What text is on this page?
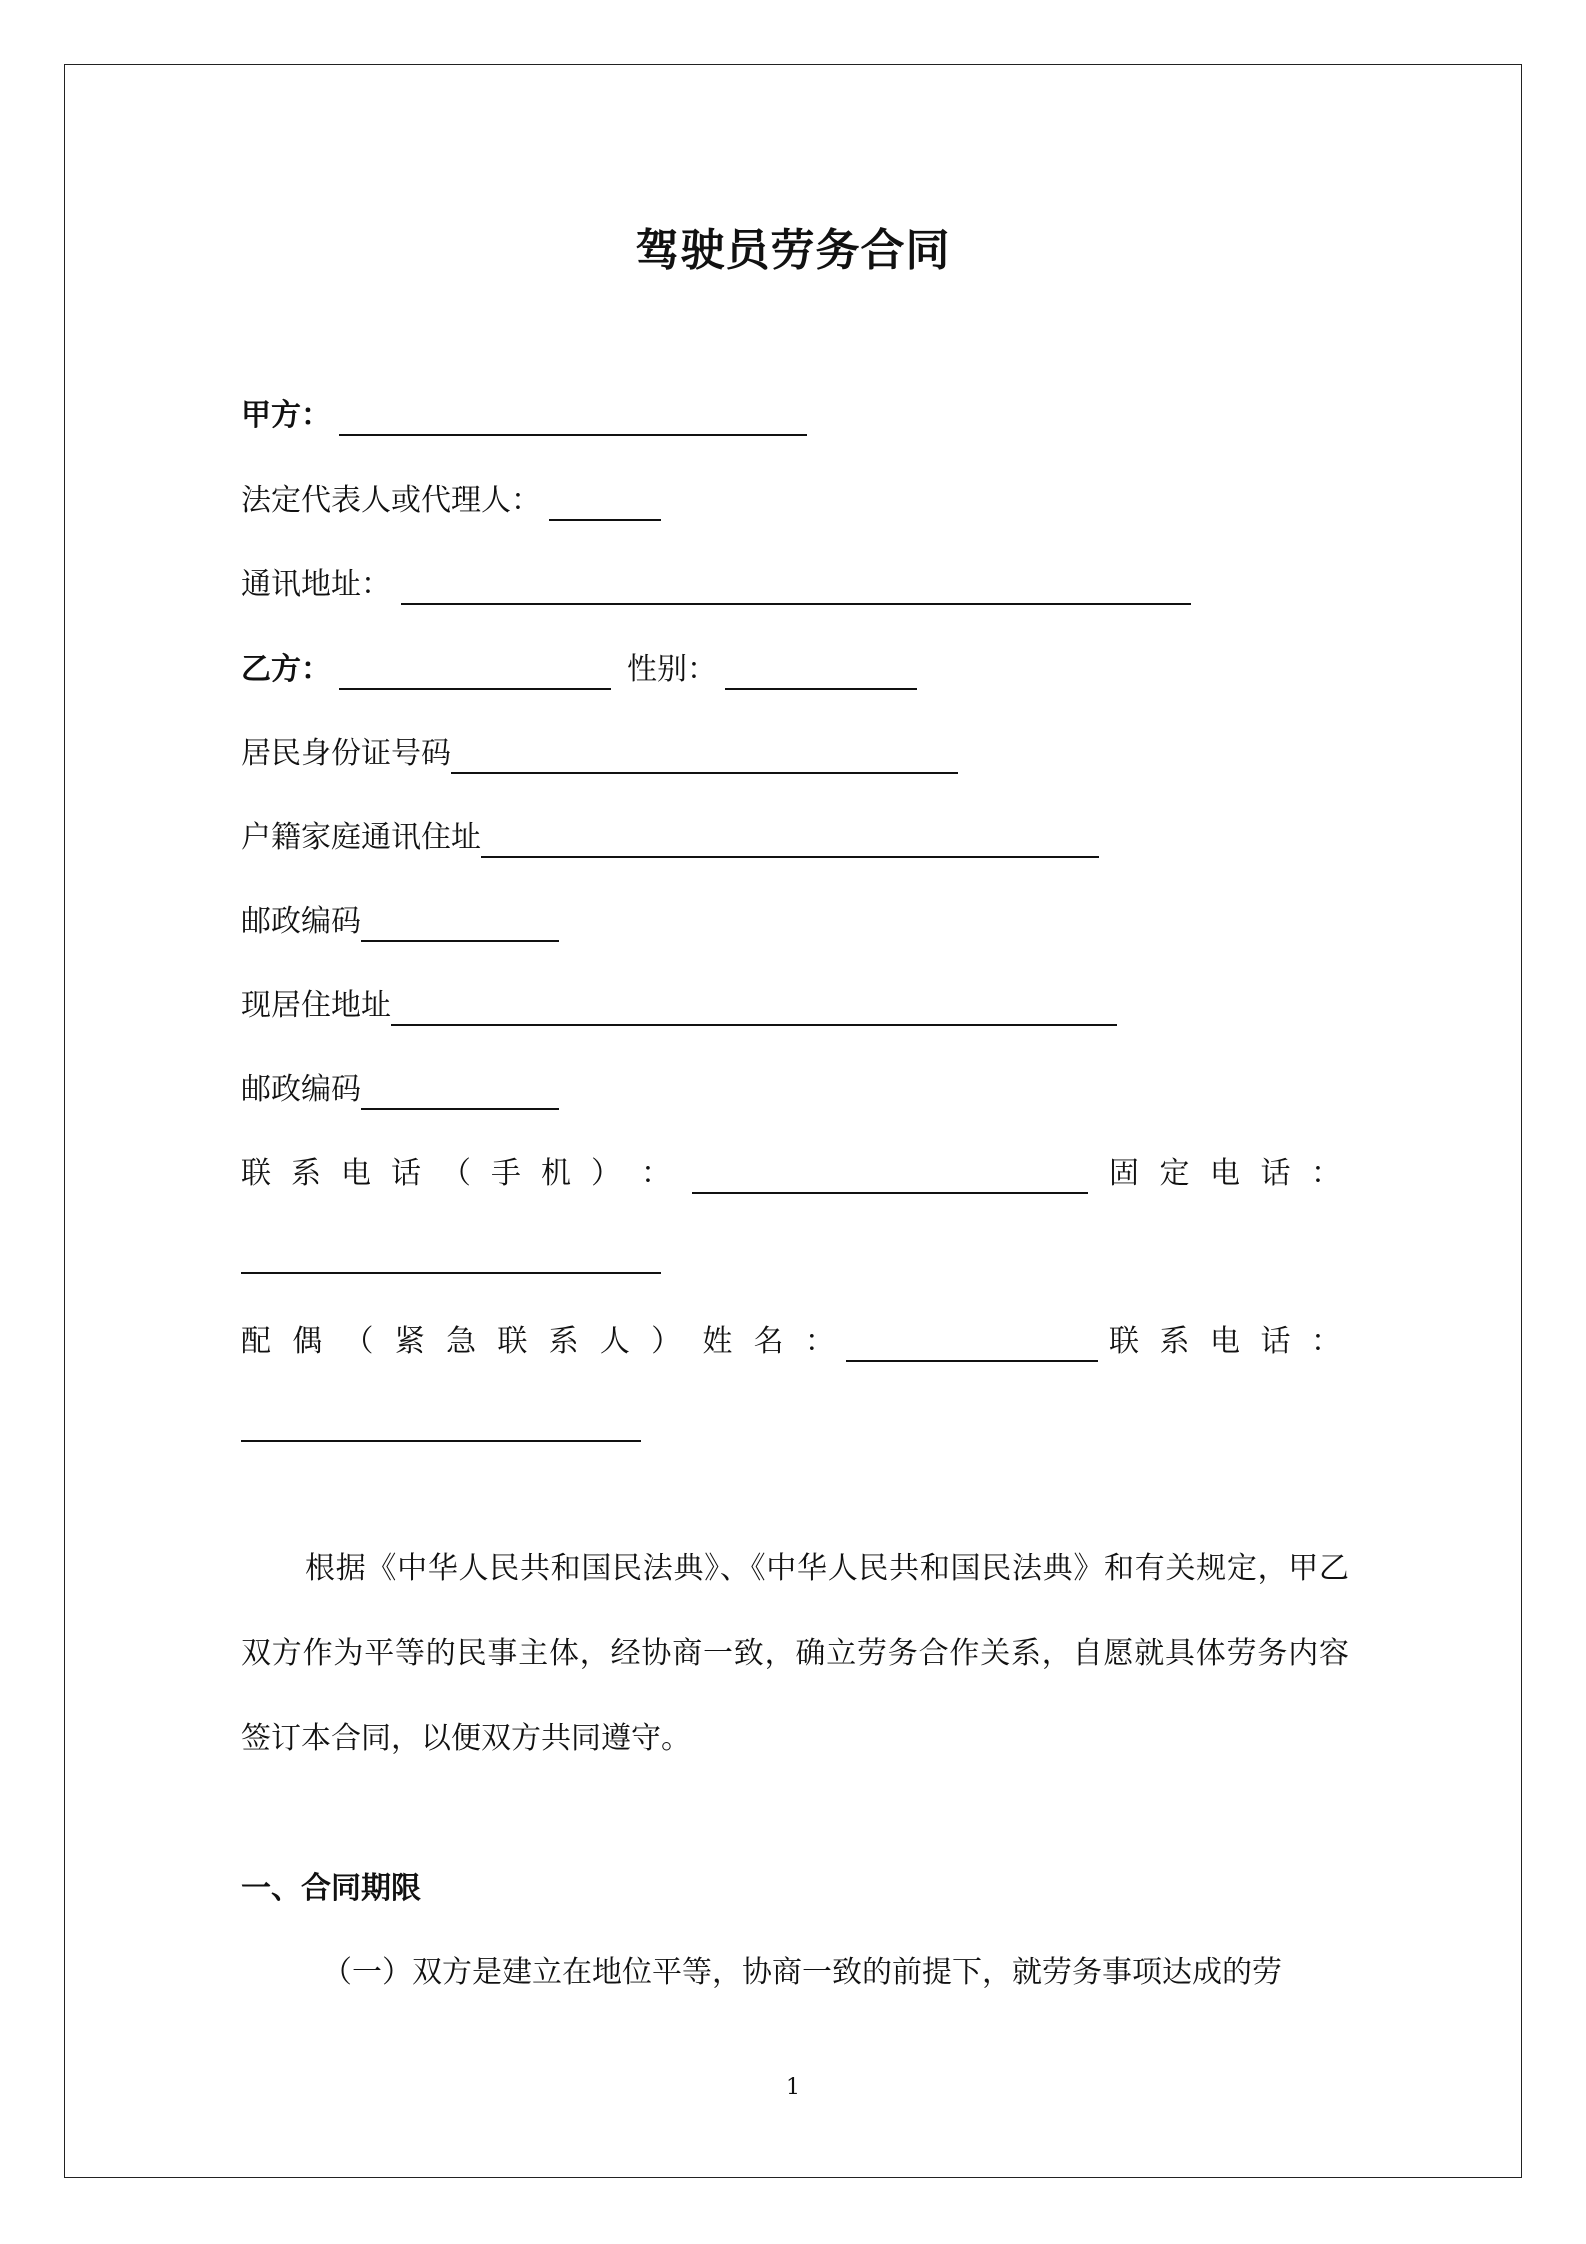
驾驶员劳务合同
甲方：
法定代表人或代理人：
通讯地址：
乙方：	性别：
居民身份证号码
户籍家庭通讯住址
邮政编码
现居住地址
邮政编码
联 系 电 话 （ 手 机 ） ：	固 定 电 话 ：
配 偶 （ 紧 急 联 系 人 ） 姓 名 ：	联 系 电 话 ：
根据《中华人民共和国民法典》、《中华人民共和国民法典》和有关规定，甲乙双方作为平等的民事主体，经协商一致，确立劳务合作关系，自愿就具体劳务内容签订本合同，以便双方共同遵守。
一、合同期限
（一）双方是建立在地位平等，协商一致的前提下，就劳务事项达成的劳
1
